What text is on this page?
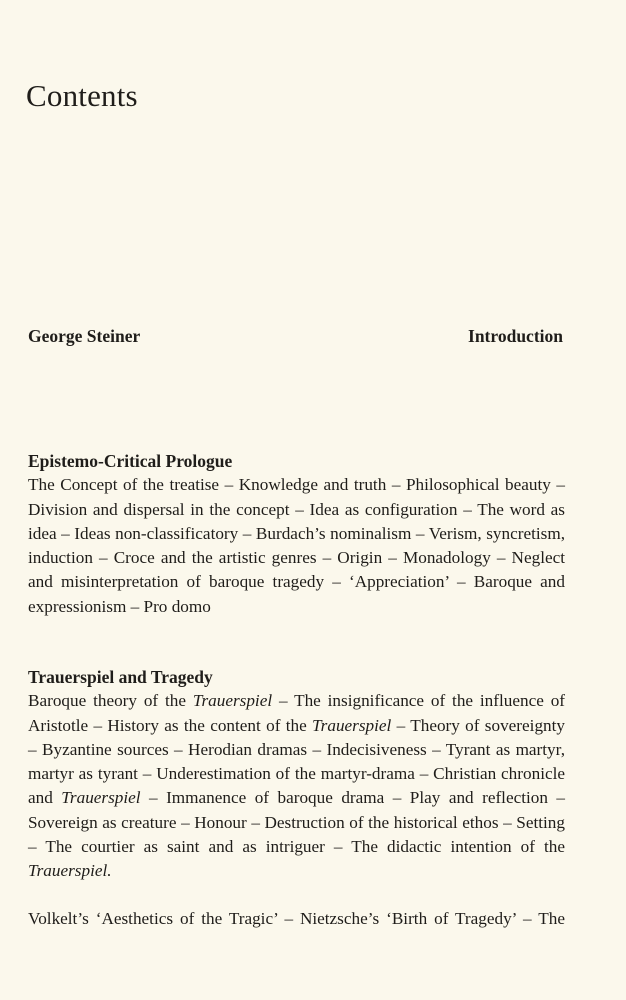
Contents
George Steiner	Introduction

Epistemo-Critical Prologue

The Concept of the treatise – Knowledge and truth – Philosophical beauty – Division and dispersal in the concept – Idea as configuration – The word as idea – Ideas non-classificatory – Burdach’s nominalism – Verism, syncretism, induction – Croce and the artistic genres – Origin – Monadology – Neglect and misinterpretation of baroque tragedy – ‘Appreciation’ – Baroque and expressionism – Pro domo

Trauerspiel and Tragedy

Baroque theory of the Trauerspiel – The insignificance of the influence of Aristotle – History as the content of the Trauerspiel – Theory of sovereignty – Byzantine sources – Herodian dramas – Indecisiveness – Tyrant as martyr, martyr as tyrant – Underestimation of the martyr-drama – Christian chronicle and Trauerspiel – Immanence of baroque drama – Play and reflection – Sovereign as creature – Honour – Destruction of the historical ethos – Setting – The courtier as saint and as intriguer – The didactic intention of the Trauerspiel.

Volkelt’s ‘Aesthetics of the Tragic’ – Nietzsche’s ‘Birth of Tragedy’ – The
